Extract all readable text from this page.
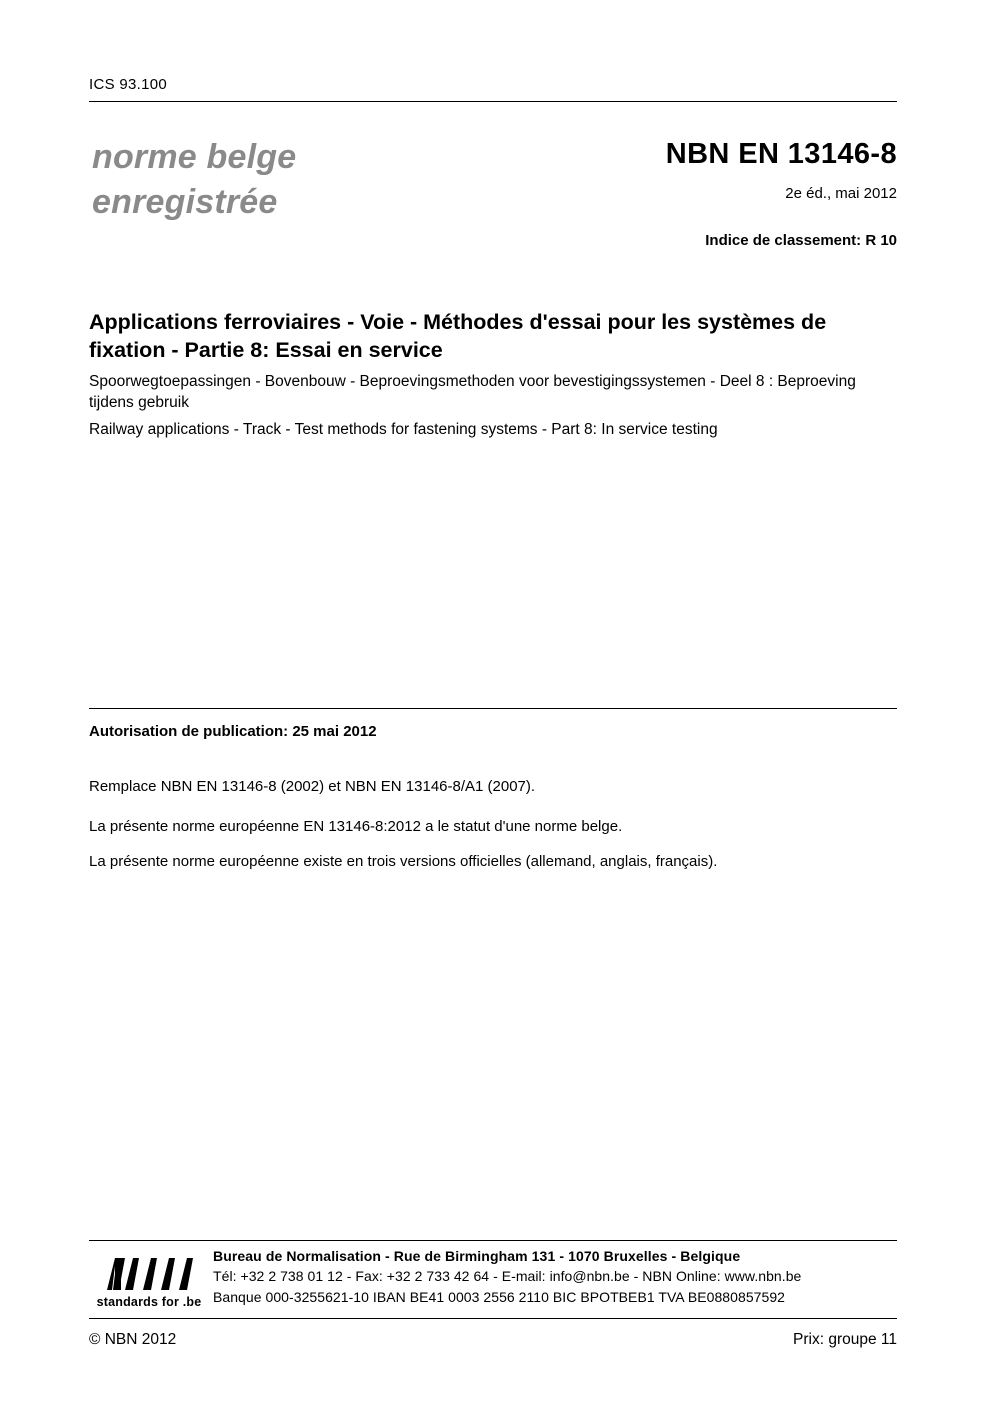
ICS 93.100
norme belge
enregistrée
NBN EN 13146-8
2e éd., mai 2012
Indice de classement: R 10
Applications ferroviaires - Voie - Méthodes d'essai pour les systèmes de fixation - Partie 8: Essai en service
Spoorwegtoepassingen - Bovenbouw - Beproevingsmethoden voor bevestigingssystemen - Deel 8 : Beproeving tijdens gebruik
Railway applications - Track - Test methods for fastening systems - Part 8: In service testing
Autorisation de publication: 25 mai 2012
Remplace NBN EN 13146-8 (2002) et NBN EN 13146-8/A1 (2007).
La présente norme européenne EN 13146-8:2012 a le statut d'une norme belge.
La présente norme européenne existe en trois versions officielles (allemand, anglais, français).
standards for .be
Bureau de Normalisation - Rue de Birmingham 131 - 1070 Bruxelles - Belgique
Tél: +32 2 738 01 12 - Fax: +32 2 733 42 64 - E-mail: info@nbn.be - NBN Online: www.nbn.be
Banque 000-3255621-10 IBAN BE41 0003 2556 2110 BIC BPOTBEB1 TVA BE0880857592
© NBN 2012	Prix: groupe 11
